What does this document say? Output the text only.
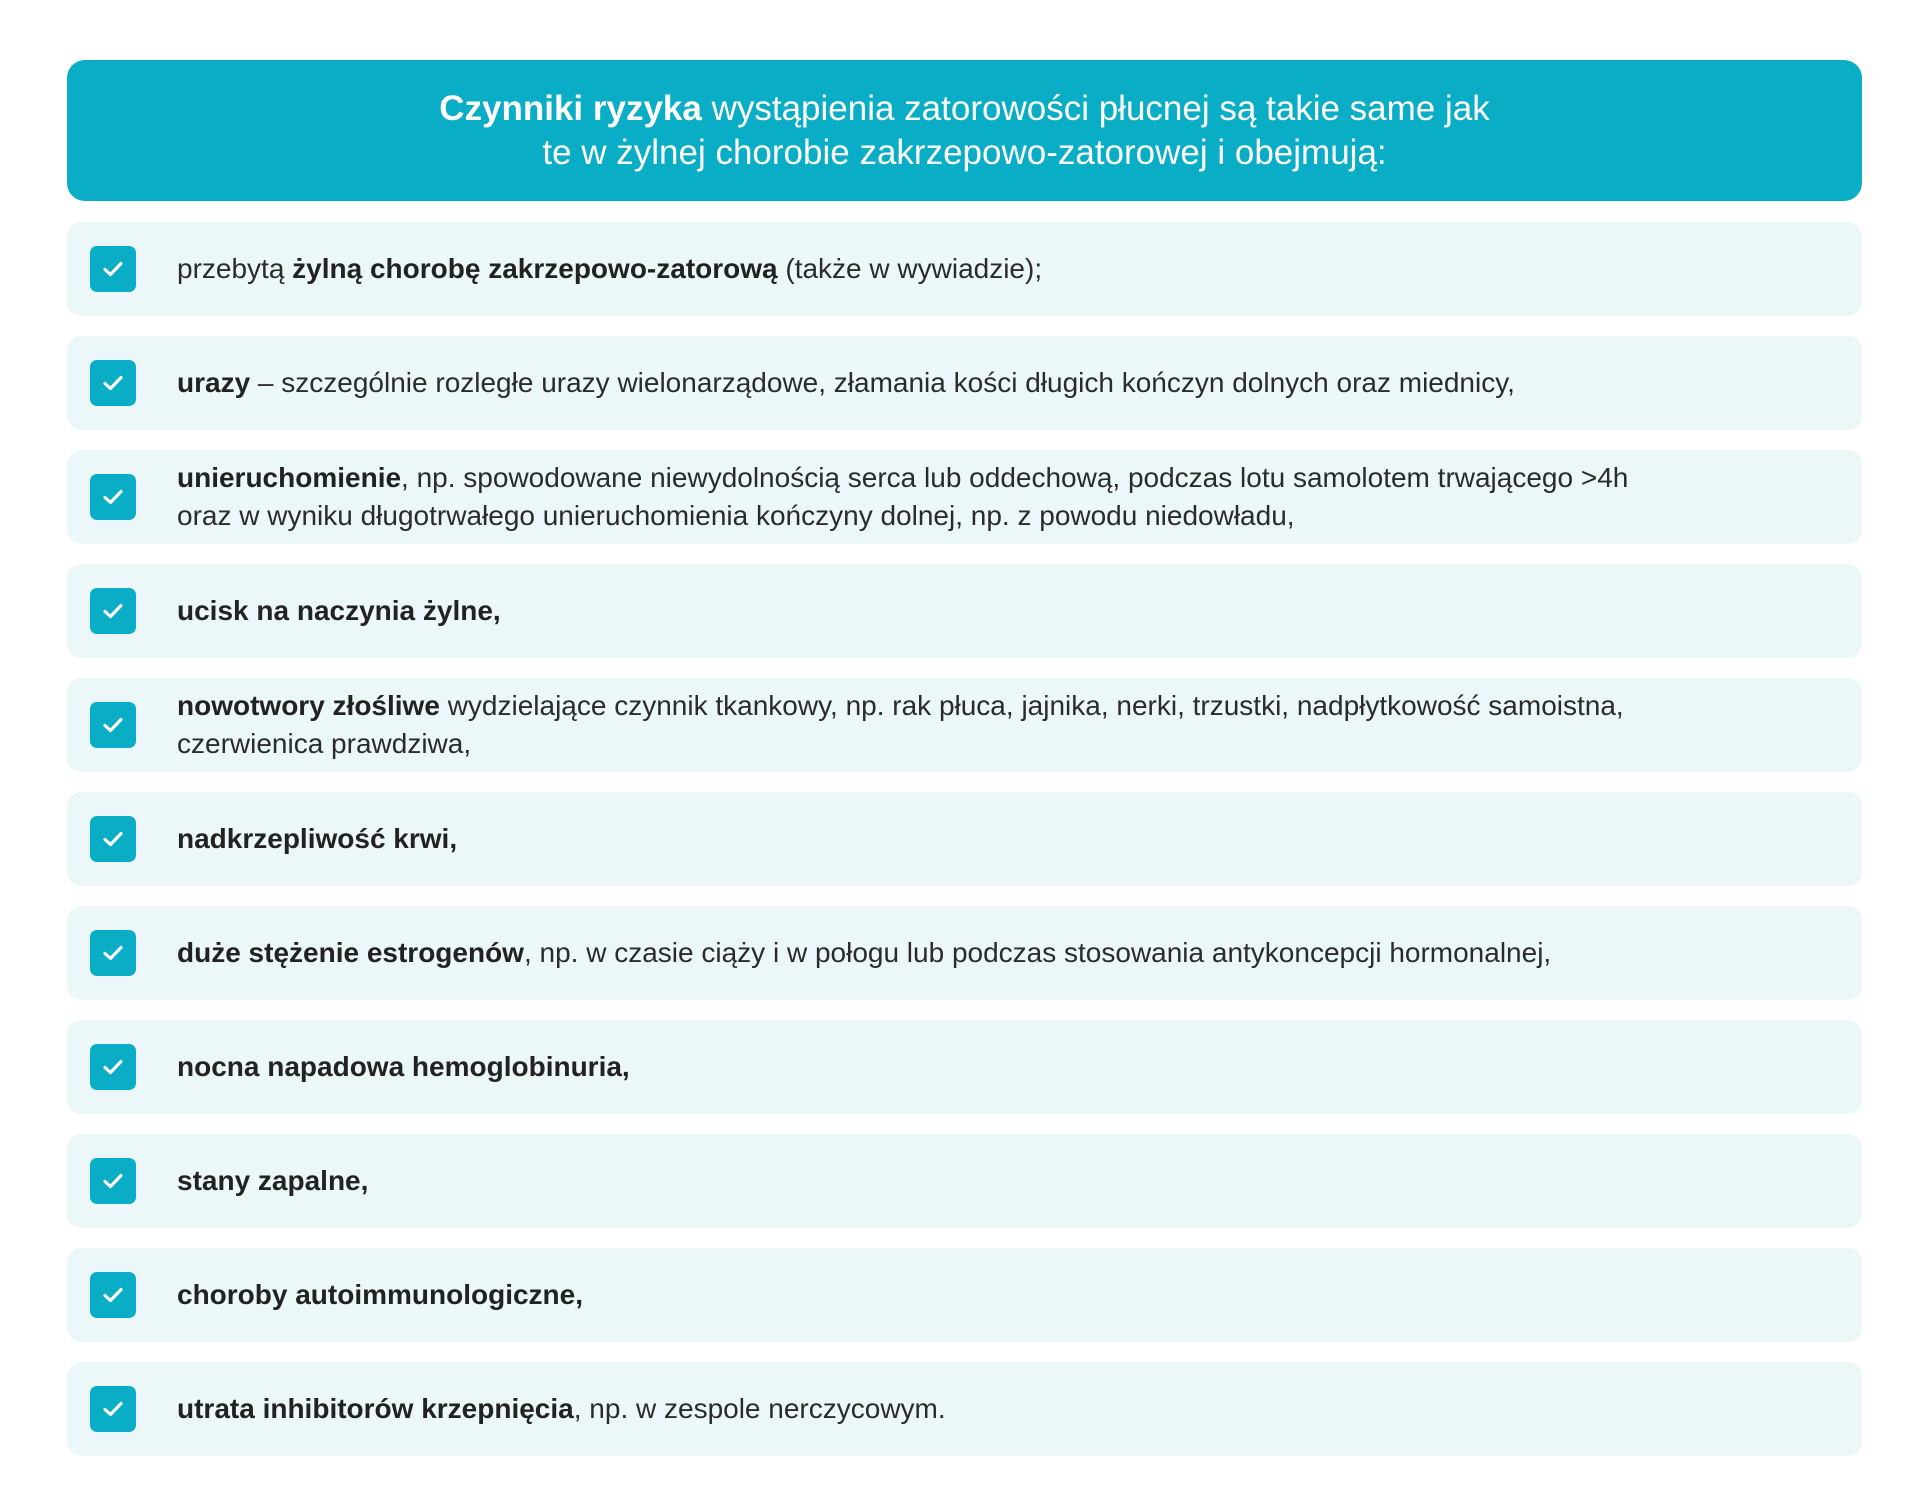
Czynniki ryzyka wystąpienia zatorowości płucnej są takie same jak
te w żylnej chorobie zakrzepowo-zatorowej i obejmują:
przebytą żylną chorobę zakrzepowo-zatorową (także w wywiadzie);
urazy – szczególnie rozległe urazy wielonarządowe, złamania kości długich kończyn dolnych oraz miednicy,
unieruchomienie, np. spowodowane niewydolnością serca lub oddechową, podczas lotu samolotem trwającego >4h
oraz w wyniku długotrwałego unieruchomienia kończyny dolnej, np. z powodu niedowładu,
ucisk na naczynia żylne,
nowotwory złośliwe wydzielające czynnik tkankowy, np. rak płuca, jajnika, nerki, trzustki, nadpłytkowość samoistna,
czerwienica prawdziwa,
nadkrzepliwość krwi,
duże stężenie estrogenów, np. w czasie ciąży i w połogu lub podczas stosowania antykoncepcji hormonalnej,
nocna napadowa hemoglobinuria,
stany zapalne,
choroby autoimmunologiczne,
utrata inhibitorów krzepnięcia, np. w zespole nerczycowym.
